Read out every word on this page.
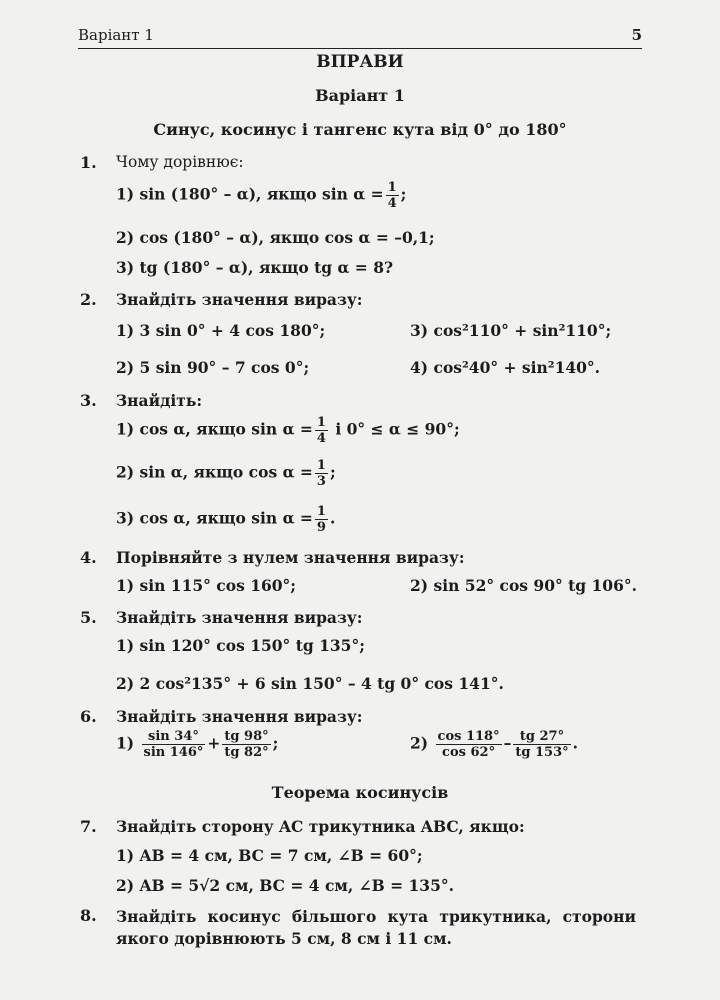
Варіант 1	5
ВПРАВИ
Варіант 1
Синус, косинус і тангенс кута від 0° до 180°
1. Чому дорівнює:
1) sin (180° – α), якщо $\sin \alpha = \frac{1}{4}$ ;
2) cos (180° – α), якщо cos α = –0,1;
3) tg (180° – α), якщо tg α = 8?
2. Знайдіть значення виразу:
1) 3 sin 0° + 4 cos 180°;	3) cos²110° + sin²110°;
2) 5 sin 90° – 7 cos 0°;	4) cos²40° + sin²140°.
3. Знайдіть:
1) cos α, якщо $\sin \alpha = \frac{1}{4}$ і 0° ≤ α ≤ 90°;
2) sin α, якщо $\cos \alpha = \frac{1}{3}$ ;
3) cos α, якщо $\sin \alpha = \frac{1}{9}$ .
4. Порівняйте з нулем значення виразу:
1) sin 115° cos 160°;	2) sin 52° cos 90° tg 106°.
5. Знайдіть значення виразу:
1) sin 120° cos 150° tg 135°;
2) 2 cos²135° + 6 sin 150° – 4 tg 0° cos 141°.
6. Знайдіть значення виразу:
$1) \frac{\sin 34^\circ}{\sin 146^\circ} + \frac{tg 98^\circ}{tg 82^\circ}$ ;	$2) \frac{\cos 118^\circ}{\cos 62^\circ} - \frac{tg 27^\circ}{tg 153^\circ}$ .
Теорема косинусів
7. Знайдіть сторону AC трикутника ABC, якщо:
1) AB = 4 см, BC = 7 см, ∠B = 60°;
2) AB = 5√2 см, BC = 4 см, ∠B = 135°.
8. Знайдіть косинус більшого кута трикутника, сторони якого дорівнюють 5 см, 8 см і 11 см.
